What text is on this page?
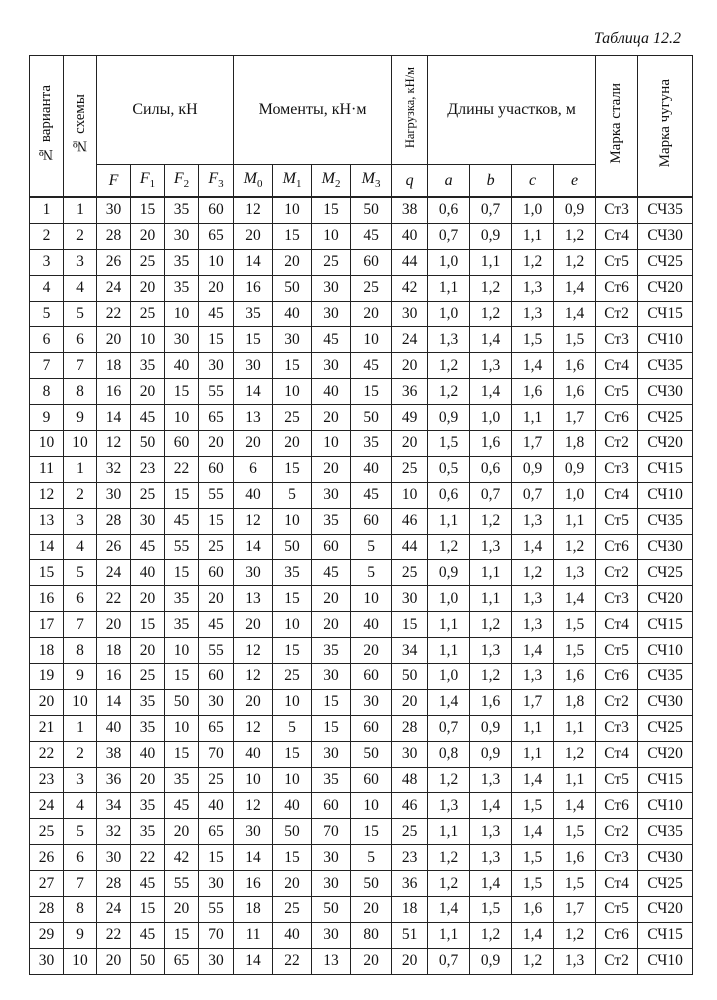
Таблица 12.2
№ варианта	№ схемы	Силы, кН				Моменты, кН·м				Нагрузка, кН/м	Длины участков, м				Марка стали	Марка чугуна
		F	$F_1$	$F_2$	$F_3$	$M_0$	$M_1$	$M_2$	$M_3$	q	a	b	c	e		
1	1	30	15	35	60	12	10	15	50	38	0,6	0,7	1,0	0,9	Ст3	СЧ35
2	2	28	20	30	65	20	15	10	45	40	0,7	0,9	1,1	1,2	Ст4	СЧ30
3	3	26	25	35	10	14	20	25	60	44	1,0	1,1	1,2	1,2	Ст5	СЧ25
4	4	24	20	35	20	16	50	30	25	42	1,1	1,2	1,3	1,4	Ст6	СЧ20
5	5	22	25	10	45	35	40	30	20	30	1,0	1,2	1,3	1,4	Ст2	СЧ15
6	6	20	10	30	15	15	30	45	10	24	1,3	1,4	1,5	1,5	Ст3	СЧ10
7	7	18	35	40	30	30	15	30	45	20	1,2	1,3	1,4	1,6	Ст4	СЧ35
8	8	16	20	15	55	14	10	40	15	36	1,2	1,4	1,6	1,6	Ст5	СЧ30
9	9	14	45	10	65	13	25	20	50	49	0,9	1,0	1,1	1,7	Ст6	СЧ25
10	10	12	50	60	20	20	20	10	35	20	1,5	1,6	1,7	1,8	Ст2	СЧ20
11	1	32	23	22	60	6	15	20	40	25	0,5	0,6	0,9	0,9	Ст3	СЧ15
12	2	30	25	15	55	40	5	30	45	10	0,6	0,7	0,7	1,0	Ст4	СЧ10
13	3	28	30	45	15	12	10	35	60	46	1,1	1,2	1,3	1,1	Ст5	СЧ35
14	4	26	45	55	25	14	50	60	5	44	1,2	1,3	1,4	1,2	Ст6	СЧ30
15	5	24	40	15	60	30	35	45	5	25	0,9	1,1	1,2	1,3	Ст2	СЧ25
16	6	22	20	35	20	13	15	20	10	30	1,0	1,1	1,3	1,4	Ст3	СЧ20
17	7	20	15	35	45	20	10	20	40	15	1,1	1,2	1,3	1,5	Ст4	СЧ15
18	8	18	20	10	55	12	15	35	20	34	1,1	1,3	1,4	1,5	Ст5	СЧ10
19	9	16	25	15	60	12	25	30	60	50	1,0	1,2	1,3	1,6	Ст6	СЧ35
20	10	14	35	50	30	20	10	15	30	20	1,4	1,6	1,7	1,8	Ст2	СЧ30
21	1	40	35	10	65	12	5	15	60	28	0,7	0,9	1,1	1,1	Ст3	СЧ25
22	2	38	40	15	70	40	15	30	50	30	0,8	0,9	1,1	1,2	Ст4	СЧ20
23	3	36	20	35	25	10	10	35	60	48	1,2	1,3	1,4	1,1	Ст5	СЧ15
24	4	34	35	45	40	12	40	60	10	46	1,3	1,4	1,5	1,4	Ст6	СЧ10
25	5	32	35	20	65	30	50	70	15	25	1,1	1,3	1,4	1,5	Ст2	СЧ35
26	6	30	22	42	15	14	15	30	5	23	1,2	1,3	1,5	1,6	Ст3	СЧ30
27	7	28	45	55	30	16	20	30	50	36	1,2	1,4	1,5	1,5	Ст4	СЧ25
28	8	24	15	20	55	18	25	50	20	18	1,4	1,5	1,6	1,7	Ст5	СЧ20
29	9	22	45	15	70	11	40	30	80	51	1,1	1,2	1,4	1,2	Ст6	СЧ15
30	10	20	50	65	30	14	22	13	20	20	0,7	0,9	1,2	1,3	Ст2	СЧ10
